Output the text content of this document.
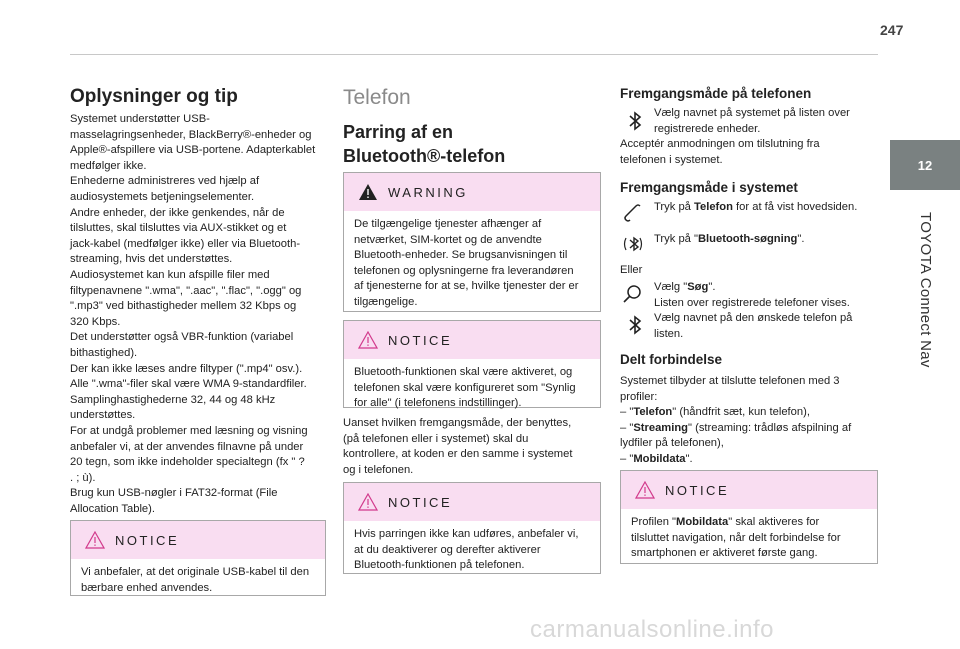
247
12
TOYOTA Connect Nav
Oplysninger og tip
Systemet understøtter USB-
masselagringsenheder, BlackBerry®-enheder og
Apple®-afspillere via USB-portene. Adapterkablet
medfølger ikke.
Enhederne administreres ved hjælp af
audiosystemets betjeningselementer.
Andre enheder, der ikke genkendes, når de
tilsluttes, skal tilsluttes via AUX-stikket og et
jack-kabel (medfølger ikke) eller via Bluetooth-
streaming, hvis det understøttes.
Audiosystemet kan kun afspille filer med
filtypenavnene ".wma", ".aac", ".flac", ".ogg" og
".mp3" ved bithastigheder mellem 32 Kbps og
320 Kbps.
Det understøtter også VBR-funktion (variabel
bithastighed).
Der kan ikke læses andre filtyper (".mp4" osv.).
Alle ".wma"-filer skal være WMA 9-standardfiler.
Samplinghastighederne 32, 44 og 48 kHz
understøttes.
For at undgå problemer med læsning og visning
anbefaler vi, at der anvendes filnavne på under
20 tegn, som ikke indeholder specialtegn (fx " ?
. ; ù).
Brug kun USB-nøgler i FAT32-format (File
Allocation Table).
NOTICE
Vi anbefaler, at det originale USB-kabel til den
bærbare enhed anvendes.
Telefon
Parring af en
Bluetooth®-telefon
WARNING
De tilgængelige tjenester afhænger af
netværket, SIM-kortet og de anvendte
Bluetooth-enheder. Se brugsanvisningen til
telefonen og oplysningerne fra leverandøren
af tjenesterne for at se, hvilke tjenester der er
tilgængelige.
NOTICE
Bluetooth-funktionen skal være aktiveret, og
telefonen skal være konfigureret som "Synlig
for alle" (i telefonens indstillinger).
Uanset hvilken fremgangsmåde, der benyttes,
(på telefonen eller i systemet) skal du
kontrollere, at koden er den samme i systemet
og i telefonen.
NOTICE
Hvis parringen ikke kan udføres, anbefaler vi,
at du deaktiverer og derefter aktiverer
Bluetooth-funktionen på telefonen.
Fremgangsmåde på telefonen
Vælg navnet på systemet på listen over
registrerede enheder.
Acceptér anmodningen om tilslutning fra
telefonen i systemet.
Fremgangsmåde i systemet
Tryk på Telefon for at få vist hovedsiden.
Tryk på "Bluetooth-søgning".
Eller
Vælg "Søg".
Listen over registrerede telefoner vises.
Vælg navnet på den ønskede telefon på
listen.
Delt forbindelse
Systemet tilbyder at tilslutte telefonen med 3
profiler:
– "Telefon" (håndfrit sæt, kun telefon),
– "Streaming" (streaming: trådløs afspilning af
lydfiler på telefonen),
– "Mobildata".
NOTICE
Profilen "Mobildata" skal aktiveres for
tilsluttet navigation, når delt forbindelse for
smartphonen er aktiveret første gang.
carmanualsonline.info
